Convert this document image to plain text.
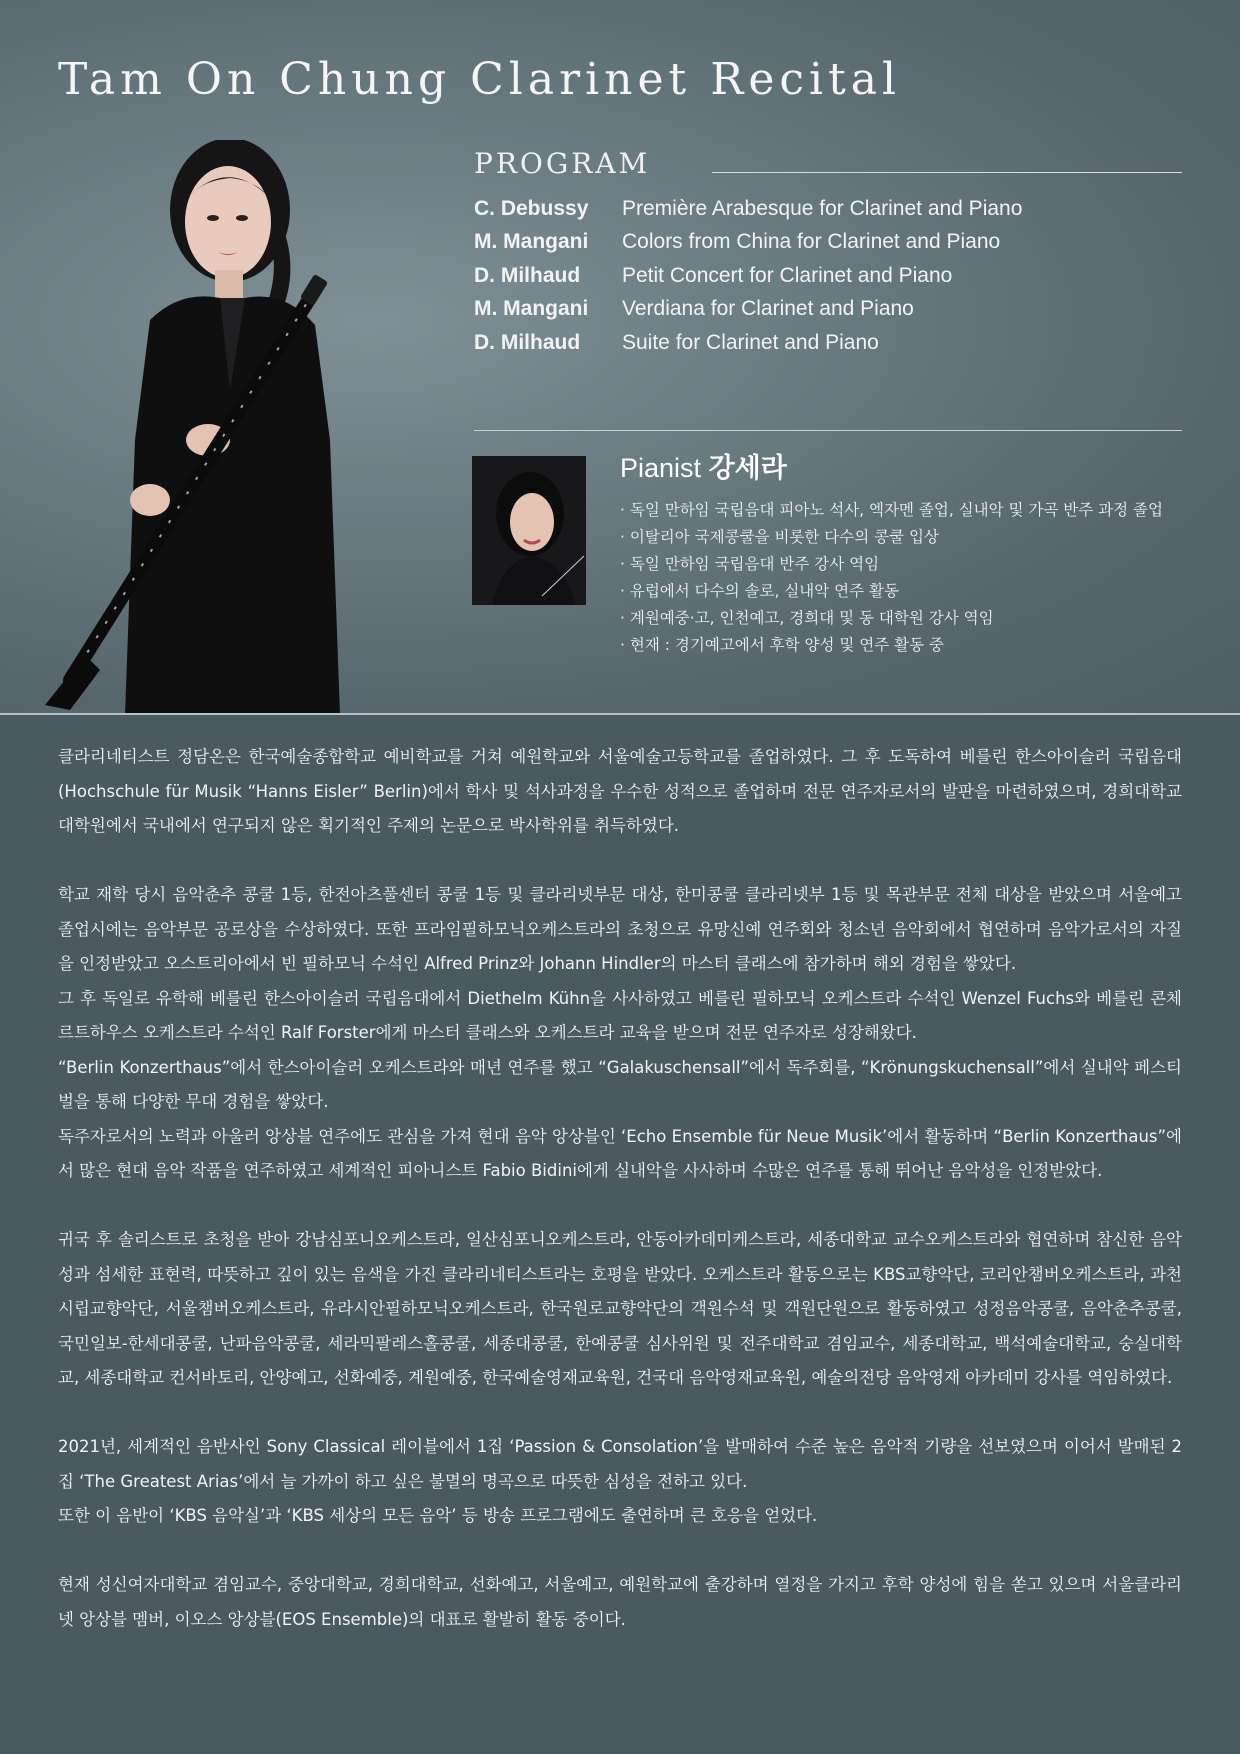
Tam On Chung Clarinet Recital
PROGRAM
C. Debussy	Première Arabesque for Clarinet and Piano
M. Mangani	Colors from China for Clarinet and Piano
D. Milhaud	Petit Concert for Clarinet and Piano
M. Mangani	Verdiana for Clarinet and Piano
D. Milhaud	Suite for Clarinet and Piano
Pianist 강세라
· 독일 만하임 국립음대 피아노 석사, 엑자멘 졸업, 실내악 및 가곡 반주 과정 졸업
· 이탈리아 국제콩쿨을 비롯한 다수의 콩쿨 입상
· 독일 만하임 국립음대 반주 강사 역임
· 유럽에서 다수의 솔로, 실내악 연주 활동
· 계원예중·고, 인천예고, 경희대 및 동 대학원 강사 역임
· 현재 : 경기예고에서 후학 양성 및 연주 활동 중

클라리네티스트 정담온은 한국예술종합학교 예비학교를 거쳐 예원학교와 서울예술고등학교를 졸업하였다. 그 후 도독하여 베를린 한스아이슬러 국립음대 (Hochschule für Musik “Hanns Eisler” Berlin)에서 학사 및 석사과정을 우수한 성적으로 졸업하며 전문 연주자로서의 발판을 마련하였으며, 경희대학교 대학원에서 국내에서 연구되지 않은 획기적인 주제의 논문으로 박사학위를 취득하였다.

학교 재학 당시 음악춘추 콩쿨 1등, 한전아츠풀센터 콩쿨 1등 및 클라리넷부문 대상, 한미콩쿨 클라리넷부 1등 및 목관부문 전체 대상을 받았으며 서울예고 졸업시에는 음악부문 공로상을 수상하였다. 또한 프라임필하모닉오케스트라의 초청으로 유망신예 연주회와 청소년 음악회에서 협연하며 음악가로서의 자질을 인정받았고 오스트리아에서 빈 필하모닉 수석인 Alfred Prinz와 Johann Hindler의 마스터 클래스에 참가하며 해외 경험을 쌓았다.

그 후 독일로 유학해 베를린 한스아이슬러 국립음대에서 Diethelm Kühn을 사사하였고 베를린 필하모닉 오케스트라 수석인 Wenzel Fuchs와 베를린 콘체르트하우스 오케스트라 수석인 Ralf Forster에게 마스터 클래스와 오케스트라 교육을 받으며 전문 연주자로 성장해왔다.

“Berlin Konzerthaus”에서 한스아이슬러 오케스트라와 매년 연주를 했고 “Galakuschensall”에서 독주회를, “Krönungskuchensall”에서 실내악 페스티벌을 통해 다양한 무대 경험을 쌓았다.

독주자로서의 노력과 아울러 앙상블 연주에도 관심을 가져 현대 음악 앙상블인 ‘Echo Ensemble für Neue Musik’에서 활동하며 “Berlin Konzerthaus”에서 많은 현대 음악 작품을 연주하였고 세계적인 피아니스트 Fabio Bidini에게 실내악을 사사하며 수많은 연주를 통해 뛰어난 음악성을 인정받았다.

귀국 후 솔리스트로 초청을 받아 강남심포니오케스트라, 일산심포니오케스트라, 안동아카데미케스트라, 세종대학교 교수오케스트라와 협연하며 참신한 음악성과 섬세한 표현력, 따뜻하고 깊이 있는 음색을 가진 클라리네티스트라는 호평을 받았다. 오케스트라 활동으로는 KBS교향악단, 코리안챔버오케스트라, 과천시립교향악단, 서울챔버오케스트라, 유라시안필하모닉오케스트라, 한국원로교향악단의 객원수석 및 객원단원으로 활동하였고 성정음악콩쿨, 음악춘추콩쿨, 국민일보-한세대콩쿨, 난파음악콩쿨, 세라믹팔레스홀콩쿨, 세종대콩쿨, 한예콩쿨 심사위원 및 전주대학교 겸임교수, 세종대학교, 백석예술대학교, 숭실대학교, 세종대학교 컨서바토리, 안양예고, 선화예중, 계원예중, 한국예술영재교육원, 건국대 음악영재교육원, 예술의전당 음악영재 아카데미 강사를 역임하였다.

2021년, 세계적인 음반사인 Sony Classical 레이블에서 1집 ‘Passion & Consolation’을 발매하여 수준 높은 음악적 기량을 선보였으며 이어서 발매된 2집 ‘The Greatest Arias’에서 늘 가까이 하고 싶은 불멸의 명곡으로 따뜻한 심성을 전하고 있다.

또한 이 음반이 ‘KBS 음악실’과 ‘KBS 세상의 모든 음악’ 등 방송 프로그램에도 출연하며 큰 호응을 얻었다.

현재 성신여자대학교 겸임교수, 중앙대학교, 경희대학교, 선화예고, 서울예고, 예원학교에 출강하며 열정을 가지고 후학 양성에 힘을 쏟고 있으며 서울클라리넷 앙상블 멤버, 이오스 앙상블(EOS Ensemble)의 대표로 활발히 활동 중이다.
